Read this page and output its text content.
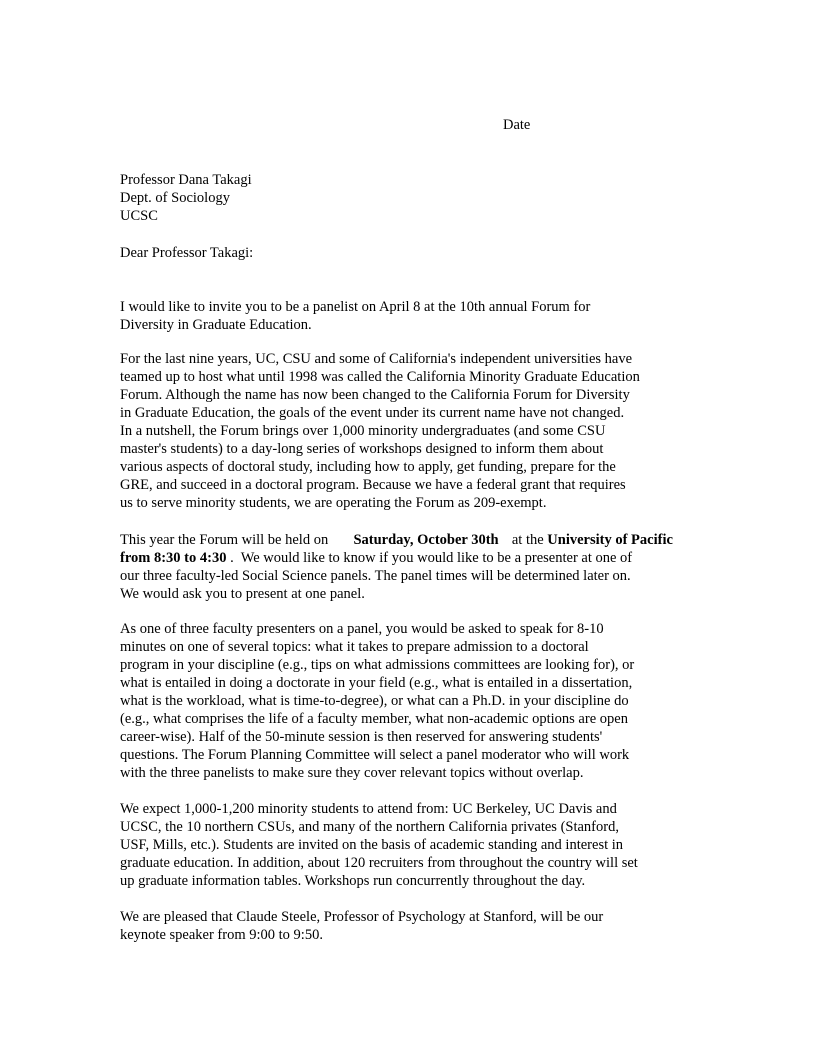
Date
Professor Dana Takagi
Dept. of Sociology
UCSC
Dear Professor Takagi:
I would like to invite you to be a panelist on April 8 at the 10th annual Forum for
Diversity in Graduate Education.
For the last nine years, UC, CSU and some of California's independent universities have
teamed up to host what until 1998 was called the California Minority Graduate Education
Forum. Although the name has now been changed to the California Forum for Diversity
in Graduate Education, the goals of the event under its current name have not changed.
In a nutshell, the Forum brings over 1,000 minority undergraduates (and some CSU
master's students) to a day-long series of workshops designed to inform them about
various aspects of doctoral study, including how to apply, get funding, prepare for the
GRE, and succeed in a doctoral program. Because we have a federal grant that requires
us to serve minority students, we are operating the Forum as 209-exempt.
This year the Forum will be held on Saturday, October 30th at the University of Pacific
from 8:30 to 4:30 .  We would like to know if you would like to be a presenter at one of
our three faculty-led Social Science panels. The panel times will be determined later on.
We would ask you to present at one panel.
As one of three faculty presenters on a panel, you would be asked to speak for 8-10
minutes on one of several topics: what it takes to prepare admission to a doctoral
program in your discipline (e.g., tips on what admissions committees are looking for), or
what is entailed in doing a doctorate in your field (e.g., what is entailed in a dissertation,
what is the workload, what is time-to-degree), or what can a Ph.D. in your discipline do
(e.g., what comprises the life of a faculty member, what non-academic options are open
career-wise). Half of the 50-minute session is then reserved for answering students'
questions. The Forum Planning Committee will select a panel moderator who will work
with the three panelists to make sure they cover relevant topics without overlap.
We expect 1,000-1,200 minority students to attend from: UC Berkeley, UC Davis and
UCSC, the 10 northern CSUs, and many of the northern California privates (Stanford,
USF, Mills, etc.). Students are invited on the basis of academic standing and interest in
graduate education. In addition, about 120 recruiters from throughout the country will set
up graduate information tables. Workshops run concurrently throughout the day.
We are pleased that Claude Steele, Professor of Psychology at Stanford, will be our
keynote speaker from 9:00 to 9:50.
